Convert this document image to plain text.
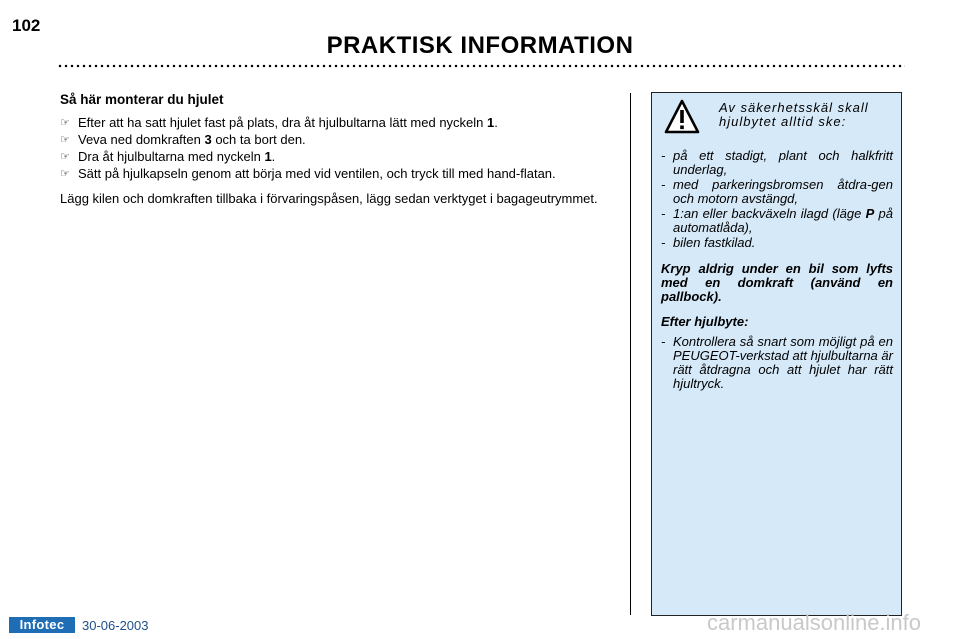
102
PRAKTISK INFORMATION
Så här monterar du hjulet
☞ Efter att ha satt hjulet fast på plats, dra åt hjulbultarna lätt med nyckeln 1.
☞ Veva ned domkraften 3 och ta bort den.
☞ Dra åt hjulbultarna med nyckeln 1.
☞ Sätt på hjulkapseln genom att börja med vid ventilen, och tryck till med hand-flatan.

Lägg kilen och domkraften tillbaka i förvaringspåsen, lägg sedan verktyget i bagageutrymmet.

Av säkerhetsskäl skall hjulbytet alltid ske:
- på ett stadigt, plant och halkfritt underlag,
- med parkeringsbromsen åtdra-gen och motorn avstängd,
- 1:an eller backväxeln ilagd (läge P på automatlåda),
- bilen fastkilad.
Kryp aldrig under en bil som lyfts med en domkraft (använd en pallbock).
Efter hjulbyte:
- Kontrollera så snart som möjligt på en PEUGEOT-verkstad att hjulbultarna är rätt åtdragna och att hjulet har rätt hjultryck.
Infotec	30-06-2003	carmanualsonline.info
